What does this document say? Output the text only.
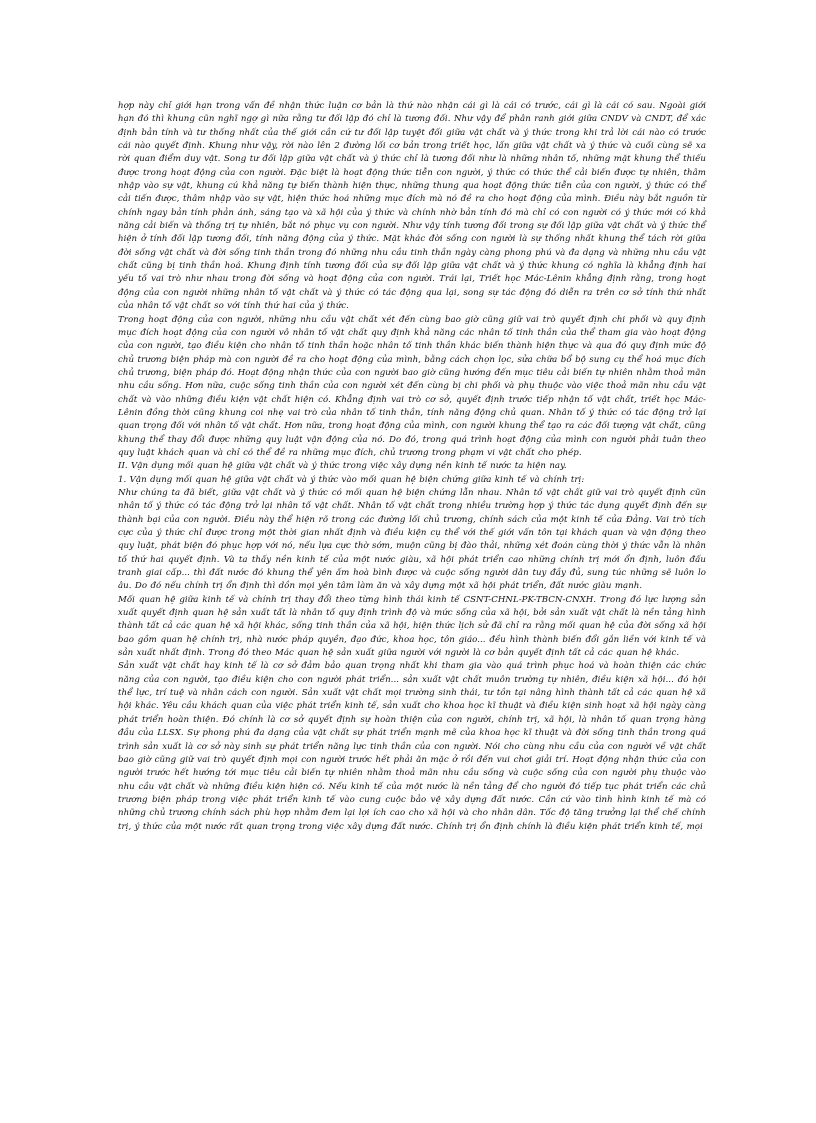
hợp này chỉ giới hạn trong vấn đề nhận thức luận cơ bản là thứ nào nhận cái gì là cái có trước, cái gì là cái có sau. Ngoài giới hạn đó thì khung cũn nghĩ ngợ gì nữa rằng tư đối lập đó chỉ là tương đối. Như vậy để phân ranh giới giữa CNDV và CNDT, để xác định bản tính và tư thống nhất của thế giới cần cứ tư đối lập tuyệt đối giữa vật chất và ý thức trong khi trả lời cái nào có trước cái nào quyết định. Khung như vậy, rời nào lên 2 đường lối cơ bản trong triết học, lấn giữa vật chất và ý thức và cuối cùng sẽ xa rời quan điểm duy vật. Song tư đối lập giữa vật chất và ý thức chỉ là tương đối như là những nhân tố, những mặt khung thể thiếu được trong hoạt động của con người. Đặc biệt là hoạt động thức tiễn con người, ý thức có thức thể cải biến được tự nhiên, thâm nhập vào sự vật, khung cú khả năng tự biến thành hiện thực, những thung qua hoạt động thức tiễn của con người, ý thức có thể cải tiến được, thâm nhập vào sự vật, hiện thức hoá những mục đích mà nó đề ra cho hoạt động của mình. Điều này bắt nguồn từ chính ngay bản tính phản ánh, sáng tạo và xã hội của ý thức và chính nhờ bản tính đó mà chỉ có con người có ý thức mới có khả năng cải biến và thống trị tự nhiên, bắt nó phục vụ con người. Như vậy tính tương đối trong sự đối lập giữa vật chất và ý thức thể hiện ở tính đối lập tương đối, tính năng động của ý thức. Mặt khác đời sống con người là sự thống nhất khung thể tách rời giữa đời sống vật chất và đời sống tinh thần trong đó những nhu cầu tinh thần ngày càng phong phú và đa dạng và những nhu cầu vật chất cũng bị tinh thần hoá. Khung định tính tương đối của sự đối lập giữa vật chất và ý thức khung có nghĩa là khẳng định hai yếu tố vai trò như nhau trong đời sống và hoạt động của con người. Trái lại, Triết học Mác-Lênin khẳng định rằng, trong hoạt động của con người những nhân tố vật chất và ý thức có tác động qua lại, song sự tác động đó diễn ra trên cơ sở tính thứ nhất của nhân tố vật chất so với tính thứ hai của ý thức.

Trong hoạt động của con người, những nhu cầu vật chất xét đến cùng bao giờ cũng giữ vai trò quyết định chi phối và quy định mục đích hoạt động của con người vô nhân tố vật chất quy định khả năng các nhân tố tinh thần của thể tham gia vào hoạt động của con người, tạo điều kiện cho nhân tố tinh thần hoặc nhân tố tinh thần khác biến thành hiện thực và qua đó quy định mức độ chủ trương biện pháp mà con người đề ra cho hoạt động của mình, bằng cách chọn lọc, sửa chữa bổ bộ sung cụ thể hoá mục đích chủ trương, biện pháp đó. Hoạt động nhận thức của con người bao giờ cũng hướng đến mục tiêu cải biến tự nhiên nhằm thoả mãn nhu cầu sống. Hơn nữa, cuộc sống tinh thần của con người xét đến cùng bị chi phối và phụ thuộc vào việc thoả mãn nhu cầu vật chất và vào những điều kiện vật chất hiện có. Khẳng định vai trò cơ sở, quyết định trước tiếp nhận tố vật chất, triết học Mác-Lênin đồng thời cũng khung coi nhẹ vai trò của nhân tố tinh thần, tính năng động chủ quan. Nhân tố ý thức có tác động trở lại quan trọng đối với nhân tố vật chất. Hơn nữa, trong hoạt động của mình, con người khung thể tạo ra các đối tượng vật chất, cũng khung thể thay đổi được những quy luật vận động của nó. Do đó, trong quá trình hoạt động của mình con người phải tuân theo quy luật khách quan và chỉ có thể đề ra những mục đích, chủ trương trong phạm vi vật chất cho phép.

II. Vận dụng mối quan hệ giữa vật chất và ý thức trong việc xây dựng nền kinh tế nước ta hiện nay.

1. Vận dụng mối quan hệ giữa vật chất và ý thức vào mối quan hệ biện chứng giữa kinh tế và chính trị:

Như chúng ta đã biết, giữa vật chất và ý thức có mối quan hệ biện chứng lẫn nhau. Nhân tố vật chất giữ vai trò quyết định cũn nhân tố ý thức có tác động trở lại nhân tố vật chất. Nhân tố vật chất trong nhiều trường hợp ý thức tác dụng quyết định đến sự thành bại của con người. Điều này thể hiện rõ trong các đường lối chủ trương, chính sách của một kinh tế của Đảng. Vai trò tích cực của ý thức chỉ được trong một thời gian nhất định và điều kiện cụ thể với thế giới vấn tôn tại khách quan và vận động theo quy luật, phát biện đó phục hợp với nó, nếu lựa cực thờ sớm, muộn cũng bị đào thải, những xét đoán cùng thời ý thức vẫn là nhân tố thứ hai quyết định. Và ta thấy nền kinh tế của một nước giàu, xã hội phát triển cao những chính trị mới ổn định, luôn đấu tranh giai cấp... thì đất nước đó khung thể yên ấm hoà bình được và cuộc sống người dân tuy đầy đủ, sung túc những sẽ luôn lo âu. Do đó nếu chính trị ổn định thì dồn mọi yên tâm làm ăn và xây dựng một xã hội phát triển, đất nước giàu mạnh.

Mối quan hệ giữa kinh tế và chính trị thay đổi theo từng hình thái kinh tế CSNT-CHNL-PK-TBCN-CNXH. Trong đó lực lượng sản xuất quyết định quan hệ sản xuất tất là nhân tố quy định trình độ và mức sống của xã hội, bởi sản xuất vật chất là nền tảng hình thành tất cả các quan hệ xã hội khác, sống tinh thần của xã hội, hiện thức lịch sử đã chỉ ra rằng mối quan hệ của đời sống xã hội bao gồm quan hệ chính trị, nhà nước pháp quyền, đạo đức, khoa học, tôn giáo... đều hình thành biến đổi gắn liền với kinh tế và sản xuất nhất định. Trong đó theo Mác quan hệ sản xuất giữa người với người là cơ bản quyết định tất cả các quan hệ khác.

Sản xuất vật chất hay kinh tế là cơ sở đảm bảo quan trọng nhất khi tham gia vào quá trình phục hoá và hoàn thiện các chức năng của con người, tạo điều kiện cho con người phát triển... sản xuất vật chất muôn trường tự nhiên, điều kiện xã hội... đó hội thể lực, trí tuệ và nhân cách con người. Sản xuất vật chất mọi trường sinh thái, tư tồn tại nâng hình thành tất cả các quan hệ xã hội khác. Yêu cầu khách quan của việc phát triển kinh tế, sản xuất cho khoa học kĩ thuật và điều kiện sinh hoạt xã hội ngày càng phát triển hoàn thiện. Đó chính là cơ sở quyết định sự hoàn thiện của con người, chính trị, xã hội, là nhân tố quan trọng hàng đầu của LLSX. Sự phong phú đa dạng của vật chất sự phát triển mạnh mẽ của khoa học kĩ thuật và đời sống tinh thần trong quá trình sản xuất là cơ sở này sinh sự phát triển năng lực tinh thần của con người. Nói cho cùng nhu cầu của con người về vật chất bao giờ cũng giữ vai trò quyết định mọi con người trước hết phải ăn mặc ở rồi đến vui chơi giải trí. Hoạt động nhận thức của con người trước hết hướng tới mục tiêu cải biến tự nhiên nhằm thoả mãn nhu cầu sống và cuộc sống của con người phụ thuộc vào nhu cầu vật chất và những điều kiện hiện có. Nếu kinh tế của một nước là nền tảng để cho người đó tiếp tục phát triển các chủ trương biện pháp trong việc phát triển kinh tế vào cung cuộc bảo vệ xây dựng đất nước. Cần cứ vào tình hình kinh tế mà có những chủ trương chính sách phù hợp nhằm đem lại lợi ích cao cho xã hội và cho nhân dân. Tốc độ tăng trưởng lại thể chế chính trị, ý thức của một nước rất quan trọng trong việc xây dựng đất nước. Chính trị ổn định chính là điều kiện phát triển kinh tế, mọi
